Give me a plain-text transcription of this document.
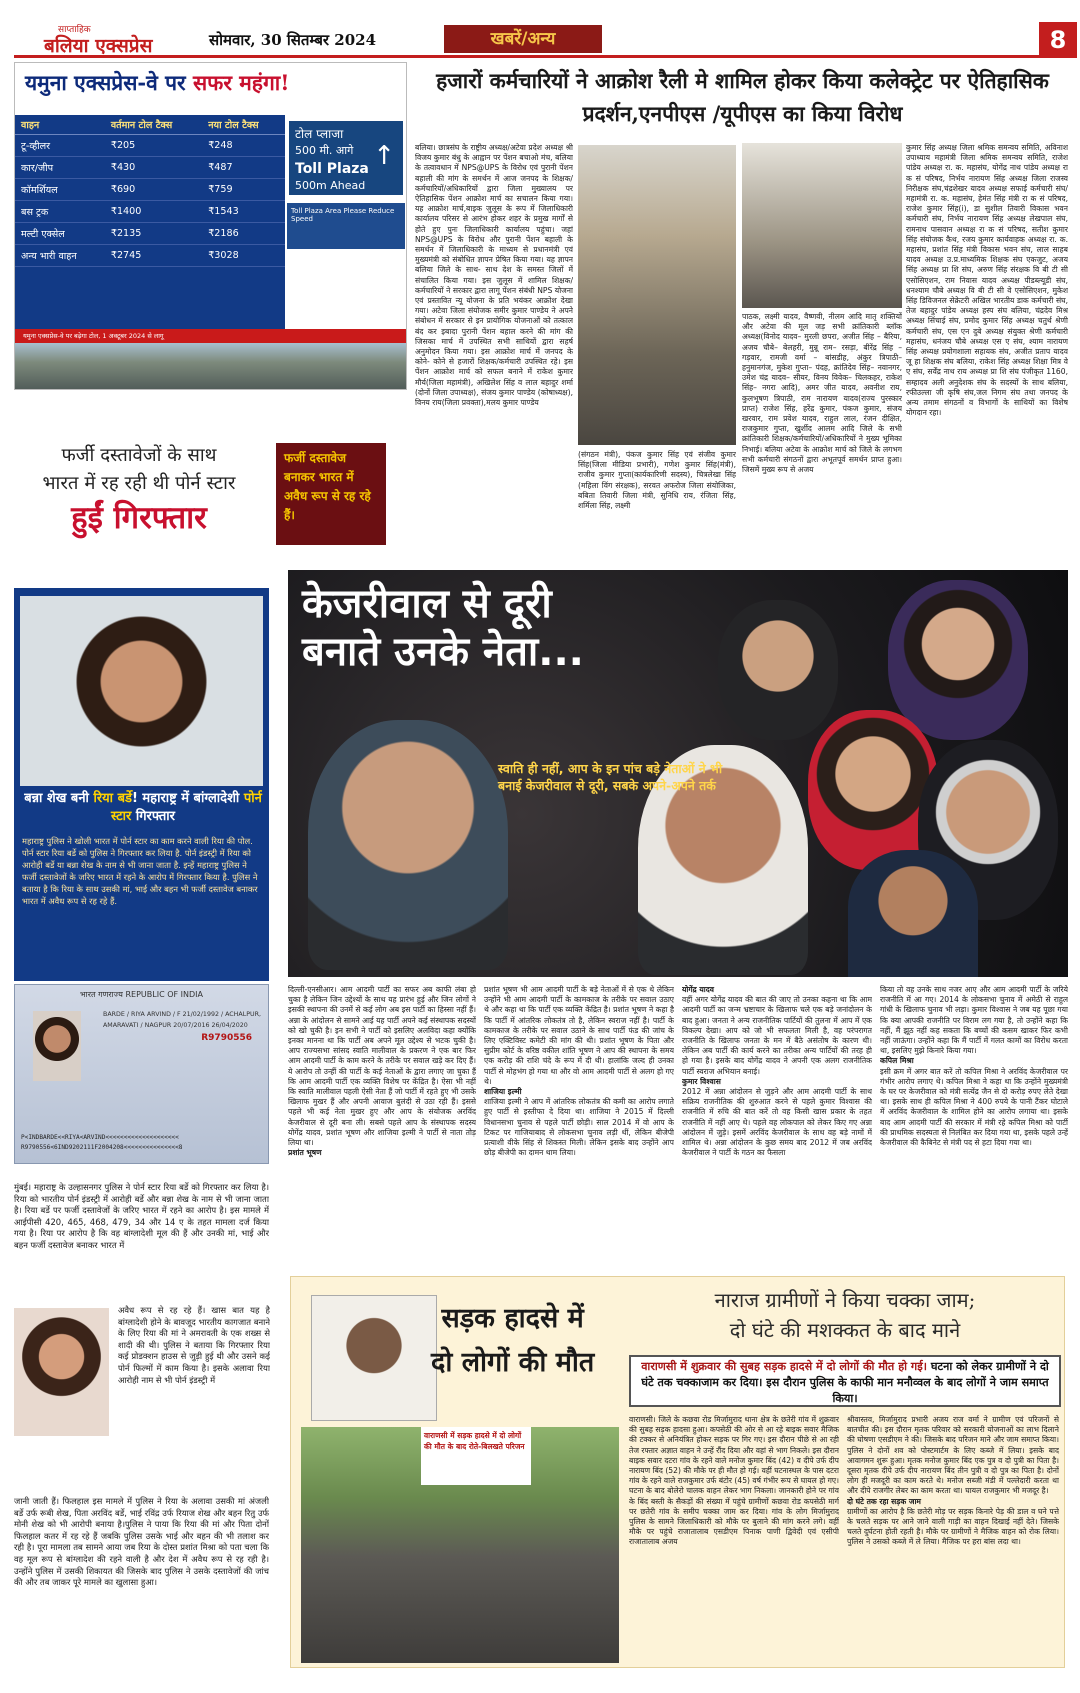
साप्ताहिक
बलिया एक्सप्रेस	सोमवार, 30 सितम्बर 2024	खबरें/अन्य	8
यमुना एक्सप्रेस-वे पर सफर महंगा!
वाहन	वर्तमान टोल टैक्स	नया टोल टैक्स
टू-व्हीलर	₹205	₹248
कार/जीप	₹430	₹487
कॉमर्शियल	₹690	₹759
बस ट्रक	₹1400	₹1543
मल्टी एक्सेल	₹2135	₹2186
अन्य भारी वाहन	₹2745	₹3028
टोल प्लाजा
500 मी. आगे
Toll Plaza
500m Ahead
↑
Toll Plaza Area Please Reduce Speed
यमुना एक्सप्रेस-वे पर बढ़ेगा टोल, 1 अक्टूबर 2024 से लागू
हजारों कर्मचारियों ने आक्रोश रैली मे शामिल होकर किया कलेक्ट्रेट पर ऐतिहासिक प्रदर्शन,एनपीएस /यूपीएस का किया विरोध
बलिया। छात्रसंघ के राष्ट्रीय अध्यक्ष/अटेवा प्रदेश अध्यक्ष श्री विजय कुमार बंधु के आह्वान पर पेंशन बचाओ मंच, बलिया के तत्वावधान में NPS@UPS के विरोध एवं पुरानी पेंशन बहाली की मांग के समर्थन में आज जनपद के शिक्षक/कर्मचारियों/अधिकारियों द्वारा जिला मुख्यालय पर ऐतिहासिक पेंशन आक्रोश मार्च का सचालन किया गया। यह आक्रोश मार्च,बाइक जुलूस के रूप में जिलाधिकारी कार्यालय परिसर से आरंभ होकर शहर के प्रमुख मार्गों से होते हुए पुनः जिलाधिकारी कार्यालय पहुंचा। जहां NPS@UPS के विरोध और पुरानी पेंशन बहाली के समर्थन में जिलाधिकारी के माध्यम से प्रधानमंत्री एवं मुख्यमंत्री को संबोधित ज्ञापन प्रेषित किया गया। यह ज्ञापन बलिया जिले के साथ- साथ देश के समस्त जिलों में संचालित किया गया। इस जुलूस में शामिल शिक्षक/कर्मचारियों ने सरकार द्वारा लागू पेंशन संबंधी NPS योजना एवं प्रस्तावित न्यू योजना के प्रति भयंकर आक्रोश देखा गया। अटेवा जिला संयोजक समीर कुमार पाण्डेय ने अपने संबोधन में सरकार से इन प्रायोगिक योजनाओं को तत्काल बंद कर इबादा पुरानी पेंशन बहाल करने की मांग की जिसका मार्च में उपस्थित सभी साथियों द्वारा सहर्ष अनुमोदन किया गया। इस आक्रोश मार्च में जनपद के कोने- कोने से हजारों शिक्षक/कर्मचारी उपस्थित रहे। इस पेंशन आक्रोश मार्च को सफल बनाने में राकेश कुमार मौर्य(जिला महामंत्री), अखिलेश सिंह व लाल बहादुर शर्मा (दोनों जिला उपाध्यक्ष), संजय कुमार पाण्डेय (कोषाध्यक्ष), विनय राय(जिला प्रवक्ता),मलय कुमार पाण्डेय
(संगठन मंत्री), पंकज कुमार सिंह एवं संजीव कुमार सिंह(जिला मीडिया प्रभारी), गणेश कुमार सिंह(मंत्री), राजीव कुमार गुप्ता(कार्यकारिणी सदस्य), चित्रलेखा सिंह (महिला विंग संरक्षक), सरवत अफरोज जिला संयोजिका, बबिता तिवारी जिला मंत्री, सुनिधि राय, रंजिता सिंह, शर्मिला सिंह, लक्ष्मी
पाठक, लक्ष्मी यादव, वैष्णवी, नीलम आदि मातृ शक्तियों और अटेवा की मूल जड़ सभी क्रांतिकारी ब्लॉक अध्यक्ष(विनोद यादव– मुरली छपरा, अजीत सिंह – बैरिया, अजय चौबे– बेलहरी, मुन्नू राम– रसड़ा, बीरेंद्र सिंह – गड़वार, रामजी वर्मा – बांसडीह, अंकुर त्रिपाठी– हनुमानगंज, मुकेश गुप्ता– पंदह, क्रांतिदेव सिंह– नवानगर, उमेश चंद्र यादव– सीयर, विनय विवेक– चिलकहर, राकेश सिंह– नगरा आदि), अमर जीत यादव, अवनीश राय, कुलभूषण त्रिपाठी, राम नारायण यादव(राज्य पुरस्कार प्राप्त) राजेश सिंह, हरेंद्र कुमार, पंकज कुमार, संजय खरवार, राम प्रवेश यादव, राहुल लाल, रंजन दीक्षित, राजकुमार गुप्ता, खुर्शीद आलम आदि जिले के सभी क्रांतिकारी शिक्षक/कर्मचारियों/अधिकारियों ने मुख्य भूमिका निभाई। बलिया अटेवा के आक्रोश मार्च को जिले के लगभग सभी कर्मचारी संगठनों द्वारा अभूतपूर्व समर्थन प्राप्त हुआ। जिसमें मुख्य रूप से अजय
कुमार सिंह अध्यक्ष जिला श्रमिक समन्वय समिति, अविनाश उपाध्याय महामंत्री जिला श्रमिक समन्वय समिति, राजेश पांडेय अध्यक्ष रा. क. महासंघ, योगेंद्र नाथ पांडेय अध्यक्ष रा क सं परिषद, निर्भय नारायण सिंह अध्यक्ष जिला राजस्व निरीक्षक संघ,चंद्रशेखर यादव अध्यक्ष सफाई कर्मचारी संघ/महामंत्री रा. क. महासंघ, हेमंत सिंह मंत्री रा क सं परिषद, राजेश कुमार सिंह(i), डा सुशील तिवारी विकास भवन कर्मचारी संघ, निर्भय नारायण सिंह अध्यक्ष लेखपाल संघ, रामनाथ पासवान अध्यक्ष रा क सं परिषद, सतीश कुमार सिंह संयोजक कैथ, रजय कुमार कार्यवाहक अध्यक्ष रा. क. महासंघ, प्रशांत सिंह मंत्री विकास भवन संघ, लाल साहब यादव अध्यक्ष उ.प्र.माध्यमिक शिक्षक संघ एकजुट, अजय सिंह अध्यक्ष प्रा शि संघ, अरुण सिंह संरक्षक वि बी टी सी एसोसिएशन, राम निवास यादव अध्यक्ष पीडब्ल्यूडी संघ, धनश्याम चौबे अध्यक्ष वि बी टी सी वे एसोसिएशन, मुकेश सिंह डिविजनल सेक्रेटरी अखिल भारतीय डाक कर्मचारी संघ, तेज बहादुर पांडेय अध्यक्ष हस्प संघ बलिया, चंद्रदेव मिश्र अध्यक्ष सिंचाई संघ, प्रमोद कुमार सिंह अध्यक्ष चतुर्थ श्रेणी कर्मचारी संघ, एस एन दुबे अध्यक्ष संयुक्त श्रेणी कर्मचारी महासंघ, धनंजय चौबे अध्यक्ष एस ए संघ, श्याम नारायण सिंह अध्यक्ष प्रयोगशाला सहायक संघ, अजीत प्रताप यादव जू हा शिक्षक संघ बलिया, राकेश सिंह अध्यक्ष शिक्षा मित्र वे ए संघ, सर्वेंद्र नाथ राय अध्यक्ष प्रा शि संघ पंजीकृत 1160, सम्हादव अली अनुदेशक संघ के सदस्यों के साथ बलिया, रफीउल्ला जी कृषि संघ,जल निगम संघ तथा जनपद के अन्य तमाम संगठनों व विभागों के साथियों का विशेष योगदान रहा।
फर्जी दस्तावेजों के साथ
भारत में रह रही थी पोर्न स्टार
हुईं गिरफ्तार
फर्जी दस्तावेज बनाकर भारत में अवैध रूप से रह रहे हैं।
बन्ना शेख बनी रिया बर्डे! महाराष्ट्र में बांग्लादेशी पोर्न स्टार गिरफ्तार
महाराष्ट्र पुलिस ने खोली भारत में पोर्न स्टार का काम करने वाली रिया की पोल. पोर्न स्टार रिया बर्डे को पुलिस ने गिरफ्तार कर लिया है. पोर्न इंडस्ट्री में रिया को आरोही बर्डे या बन्ना शेख के नाम से भी जाना जाता है. इन्हें महाराष्ट्र पुलिस ने फर्जी दस्तावेजों के जरिए भारत में रहने के आरोप में गिरफ्तार किया है. पुलिस ने बताया है कि रिया के साथ उसकी मां, भाई और बहन भी फर्जी दस्तावेज बनाकर भारत में अवैध रूप से रह रहे हैं.
भारत गणराज्य REPUBLIC OF INDIA
BARDE / RIYA ARVIND / F 21/02/1992 / ACHALPUR, AMARAVATI / NAGPUR 20/07/2016 26/04/2020
R9790556
P<INDBARDE<<RIYA<ARVIND<<<<<<<<<<<<<<<<<<<< R9790556<6IND9202111F2004208<<<<<<<<<<<<<<<8
मुंबई। महाराष्ट्र के उल्हासनगर पुलिस ने पोर्न स्टार रिया बर्डे को गिरफ्तार कर लिया है।रिया को भारतीय पोर्न इंडस्ट्री में आरोही बर्डे और बन्ना शेख के नाम से भी जाना जाता है। रिया बर्डे पर फर्जी दस्तावेजों के जरिए भारत में रहने का आरोप है। इस मामले में आईपीसी 420, 465, 468, 479, 34 और 14 ए के तहत मामला दर्ज किया गया है। रिया पर आरोप है कि वह बांग्लादेशी मूल की हैं और उनकी मां, भाई और बहन फर्जी दस्तावेज बनाकर भारत में
अवैध रूप से रह रहे हैं। खास बात यह है बांग्लादेशी होने के बावजूद भारतीय कागजात बनाने के लिए रिया की मां ने अमरावती के एक शख्स से शादी की थी। पुलिस ने बताया कि गिरफ्तार रिया कई प्रोडक्शन हाउस से जुड़ी हुई थी और उसने कई पोर्न फिल्मों में काम किया है। इसके अलावा रिया आरोही नाम से भी पोर्न इंडस्ट्री में
जानी जाती हैं। फिलहाल इस मामले में पुलिस ने रिया के अलावा उसकी मां अंजली बर्डे उर्फ रूबी शेख, पिता अरविंद बर्डे, भाई रविंद्र उर्फ रियाज शेख और बहन रितु उर्फ मोनी शेख को भी आरोपी बनाया है।पुलिस ने पाया कि रिया की मां और पिता दोनों फिलहाल कतर में रह रहे हैं जबकि पुलिस उसके भाई और बहन की भी तलाश कर रही है। पूरा मामला तब सामने आया जब रिया के दोस्त प्रशांत मिश्रा को पता चला कि वह मूल रूप से बांग्लादेश की रहने वाली है और देश में अवैध रूप से रह रही है। उन्होंने पुलिस में उसकी शिकायत की जिसके बाद पुलिस ने उसके दस्तावेजों की जांच की और तब जाकर पूरे मामले का खुलासा हुआ।
केजरीवाल से दूरी
बनाते उनके नेता...
स्वाति ही नहीं, आप के इन पांच बड़े नेताओं ने भी बनाई केजरीवाल से दूरी, सबके अपने-अपने तर्क
दिल्ली-एनसीआर। आम आदमी पार्टी का सफर अब काफी लंबा हो चुका है लेकिन जिन उद्देश्यों के साथ यह प्रारंभ हुई और जिन लोगों ने इसकी स्थापना की उनमें से कई लोग अब इस पार्टी का हिस्सा नहीं हैं। अन्ना के आंदोलन से सामने आई यह पार्टी अपने कई संस्थापक सदस्यों को खो चुकी है। इन सभी ने पार्टी को इसलिए अलविदा कहा क्योंकि इनका मानना था कि पार्टी अब अपने मूल उद्देश्य से भटक चुकी है। आप राज्यसभा सांसद स्वाति मालीवाल के प्रकरण ने एक बार फिर आम आदमी पार्टी के काम करने के तरीके पर सवाल खड़े कर दिए हैं। ये आरोप तो उन्हीं की पार्टी के कई नेताओं के द्वारा लगाए जा चुका हैं कि आम आदमी पार्टी एक व्यक्ति विशेष पर केंद्रित है। ऐसा भी नहीं कि स्वाति मालीवाल पहली ऐसी नेता हैं जो पार्टी में रहते हुए भी उसके खिलाफ मुखर हैं और अपनी आवाज बुलंदी से उठा रही हैं। इससे पहले भी कई नेता मुखर हुए और आप के संयोजक अरविंद केजरीवाल से दूरी बना ली। सबसे पहले आप के संस्थापक सदस्य योगेंद्र यादव, प्रशांत भूषण और शाजिया इल्मी ने पार्टी से नाता तोड़ लिया था।
प्रशांत भूषण
प्रशांत भूषण भी आम आदमी पार्टी के बड़े नेताओं में से एक थे लेकिन उन्होंने भी आम आदमी पार्टी के कामकाज के तरीके पर सवाल उठाए थे और कहा था कि पार्टी एक व्यक्ति केंद्रित है। प्रशांत भूषण ने कहा है कि पार्टी में आंतरिक लोकतंत्र तो है, लेकिन स्वराज नहीं है। पार्टी के कामकाज के तरीके पर सवाल उठाने के साथ पार्टी फंड की जांच के लिए एक्टिविस्ट कमेटी की मांग की थी। प्रशांत भूषण के पिता और सुप्रीम कोर्ट के वरिष्ठ वकील शांति भूषण ने आप की स्थापना के समय एक करोड़ की राशि चंदे के रूप में दी थी। हालांकि जल्द ही उनका पार्टी से मोहभंग हो गया था और वो आम आदमी पार्टी से अलग हो गए थे।
शाजिया इल्मी
शाजिया इल्मी ने आप में आंतरिक लोकतंत्र की कमी का आरोप लगाते हुए पार्टी से इस्तीफा दे दिया था। शाजिया ने 2015 में दिल्ली विधानसभा चुनाव से पहले पार्टी छोड़ी। साल 2014 में वो आप के टिकट पर गाजियाबाद से लोकसभा चुनाव लड़ी थीं, लेकिन बीजेपी प्रत्याशी वीके सिंह से शिकस्त मिली। लेकिन इसके बाद उन्होंने आप छोड़ बीजेपी का दामन थाम लिया।
योगेंद्र यादव
वहीं अगर योगेंद्र यादव की बात की जाए तो उनका कहना था कि आम आदमी पार्टी का जन्म भ्रष्टाचार के खिलाफ चले एक बड़े जनांदोलन के बाद हुआ। जनता ने अन्य राजनीतिक पार्टियों की तुलना में आप में एक विकल्प देखा। आप को जो भी सफलता मिली है, वह परंपरागत राजनीति के खिलाफ जनता के मन में बैठे असंतोष के कारण थी। लेकिन अब पार्टी की कार्य करने का तरीका अन्य पार्टियों की तरह ही हो गया है। इसके बाद योगेंद्र यादव ने अपनी एक अलग राजनीतिक पार्टी स्वराज अभियान बनाई।
कुमार विश्वास
2012 में अन्ना आंदोलन से जुड़ने और आम आदमी पार्टी के साथ सक्रिय राजनीतिक की शुरुआत करने से पहले कुमार विश्वास की राजनीति में रुचि की बात करें तो वह किसी खास प्रकार के तहत राजनीति में नहीं आए थे। पहले वह लोकपाल को लेकर किए गए अन्ना आंदोलन में जुड़े। इसमें अरविंद केजरीवाल के साथ वह बड़े नामों में शामिल थे। अन्ना आंदोलन के कुछ समय बाद 2012 में जब अरविंद केजरीवाल ने पार्टी के गठन का फैसला
किया तो वह उनके साथ नजर आए और आम आदमी पार्टी के जरिये राजनीति में आ गए। 2014 के लोकसभा चुनाव में अमेठी से राहुल गांधी के खिलाफ चुनाव भी लड़ा। कुमार विश्वास ने जब यह पूछा गया कि क्या आपकी राजनीति पर विराम लग गया है, तो उन्होंने कहा कि नहीं, मैं झूठ नहीं कह सकता कि बच्चों की कसम खाकर फिर कभी नहीं जाऊंगा। उन्होंने कहा कि मैं पार्टी में गलत कामों का विरोध करता था, इसलिए मुझे किनारे किया गया।
कपिल मिश्रा
इसी क्रम में अगर बात करें तो कपिल मिश्रा ने अरविंद केजरीवाल पर गंभीर आरोप लगाए थे। कपिल मिश्रा ने कहा था कि उन्होंने मुख्यमंत्री के घर पर केजरीवाल को मंत्री सत्येंद्र जैन से दो करोड़ रुपए लेते देखा था। इसके साथ ही कपिल मिश्रा ने 400 रुपये के पानी टैंकर घोटाले में अरविंद केजरीवाल के शामिल होने का आरोप लगाया था। इसके बाद आम आदमी पार्टी की सरकार में मंत्री रहे कपिल मिश्रा को पार्टी की प्राथमिक सदस्यता से निलंबित कर दिया गया था, इसके पहले उन्हें केजरीवाल की कैबिनेट से मंत्री पद से हटा दिया गया था।
सड़क हादसे में
दो लोगों की मौत
नाराज ग्रामीणों ने किया चक्का जाम;
दो घंटे की मशक्कत के बाद माने
वाराणसी में शुक्रवार की सुबह सड़क हादसे में दो लोगों की मौत हो गई। घटना को लेकर ग्रामीणों ने दो घंटे तक चक्काजाम कर दिया। इस दौरान पुलिस के काफी मान मनौव्वल के बाद लोगों ने जाम समाप्त किया।
वाराणसी में सड़क हादसे में दो लोगों की मौत के बाद रोते-बिलखते परिजन
वाराणसी। जिले के कछवा रोड मिर्जामुराद थाना क्षेत्र के छतेरी गांव में शुक्रवार की सुबह सड़क हादसा हुआ। कपसेठी की ओर से आ रहे बाइक सवार मैजिक की टक्कर से अनियंत्रित होकर सड़क पर गिर गए। इस दौरान पीछे से आ रही तेज रफ्तार अज्ञात वाहन ने उन्हें रौंद दिया और वहां से भाग निकले। इस दौरान बाइक सवार दटरा गांव के रहने वाले मनोज कुमार बिंद (42) व दीपे उर्फ दीप नारायण बिंद (52) की मौके पर ही मौत हो गई। वहीं घटनास्थल के पास दटरा गांव के रहने वाले राजकुमार उर्फ बंटोर (45) वर्ष गंभीर रूप से घायल हो गए। घटना के बाद बोलेरो चालक वाहन लेकर भाग निकला। जानकारी होने पर गांव के बिंद बस्ती के सैकड़ों की संख्या में पहुंचे ग्रामीणों कछवा रोड कपसेठी मार्ग पर छतेरी गांव के समीप चक्का जाम कर दिया। गांव के लोग मिर्जामुराद पुलिस के सामने जिलाधिकारी को मौके पर बुलाने की मांग करने लगे। वहीं मौके पर पहुंचे राजातालाब एसडीएम पिनाक पाणी द्विवेदी एवं एसीपी राजातालाब अजय
श्रीवास्तव, मिर्जामुराद प्रभारी अजय राज वर्मा ने ग्रामीण एवं परिजनों से बातचीत की। इस दौरान मृतक परिवार को सरकारी योजनाओं का लाभ दिलाने की घोषणा एसडीएम ने की। जिसके बाद परिजन माने और जाम समाप्त किया। पुलिस ने दोनों शव को पोस्टमार्टम के लिए कब्जे में लिया। इसके बाद आवागमन शुरू हुआ। मृतक मनोज कुमार बिंद एक पुत्र व दो पुत्री का पिता है। दूसरा मृतक दीपे उर्फ दीप नारायण बिंद तीन पुत्री व दो पुत्र का पिता है। दोनों लोग ही मजदूरी का काम करते थे। मनोज सब्जी मंडी में पल्लेदारी करता था और दीपे राजगीर लेबर का काम करता था। घायल राजकुमार भी मजदूर है।
दो घंटे तक रहा सड़क जाम
ग्रामीणों का आरोप है कि छतेरी मोड़ पर सड़क किनारे पेड़ की डाल व घने पत्ते के चलते सड़क पर आने जाने वाली गाड़ी का वाहन दिखाई नहीं देते। जिसके चलते दुर्घटना होती रहती है। मौके पर ग्रामीणों ने मैजिक वाहन को रोक लिया। पुलिस ने उसको कब्जे में ले लिया। मैजिक पर हरा बांस लदा था।
